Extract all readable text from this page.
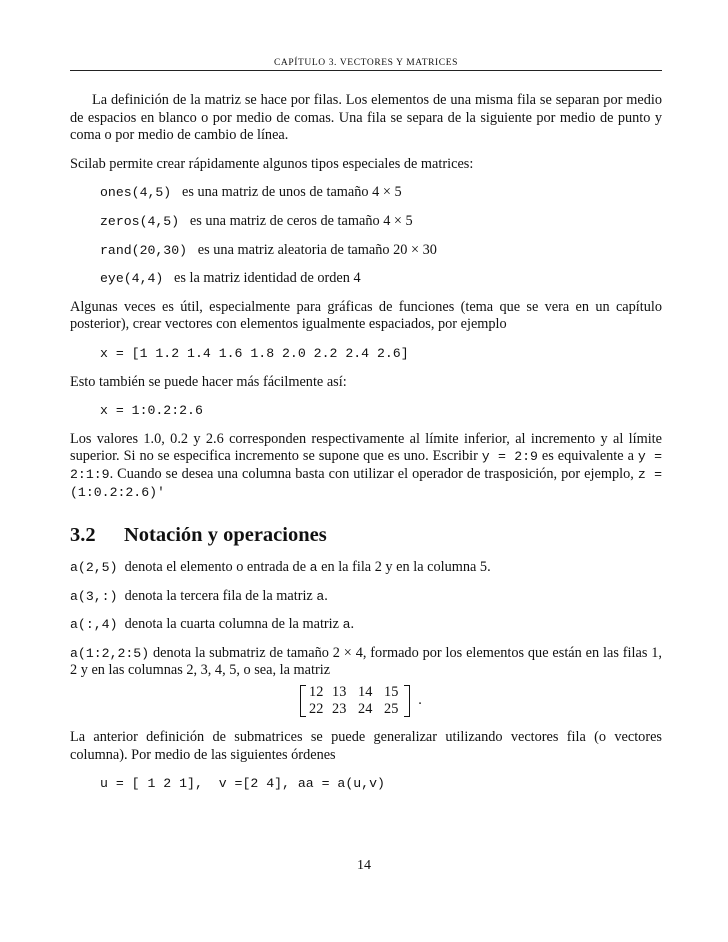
CAPÍTULO 3. VECTORES Y MATRICES

La definición de la matriz se hace por filas. Los elementos de una misma fila se separan por medio de espacios en blanco o por medio de comas. Una fila se separa de la siguiente por medio de punto y coma o por medio de cambio de línea.

Scilab permite crear rápidamente algunos tipos especiales de matrices:

ones(4,5) es una matriz de unos de tamaño 4 × 5

zeros(4,5) es una matriz de ceros de tamaño 4 × 5

rand(20,30) es una matriz aleatoria de tamaño 20 × 30

eye(4,4) es la matriz identidad de orden 4

Algunas veces es útil, especialmente para gráficas de funciones (tema que se vera en un capítulo posterior), crear vectores con elementos igualmente espaciados, por ejemplo

x = [1 1.2 1.4 1.6 1.8 2.0 2.2 2.4 2.6]

Esto también se puede hacer más fácilmente así:

x = 1:0.2:2.6

Los valores 1.0, 0.2 y 2.6 corresponden respectivamente al límite inferior, al incremento y al límite superior. Si no se especifica incremento se supone que es uno. Escribir y = 2:9 es equivalente a y = 2:1:9. Cuando se desea una columna basta con utilizar el operador de trasposición, por ejemplo, z = (1:0.2:2.6)'

3.2 Notación y operaciones

a(2,5) denota el elemento o entrada de a en la fila 2 y en la columna 5.

a(3,:) denota la tercera fila de la matriz a.

a(:,4) denota la cuarta columna de la matriz a.

a(1:2,2:5) denota la submatriz de tamaño 2 × 4, formado por los elementos que están en las filas 1, 2 y en las columnas 2, 3, 4, 5, o sea, la matriz

12 13 14 15
22 23 24 25
.

La anterior definición de submatrices se puede generalizar utilizando vectores fila (o vectores columna). Por medio de las siguientes órdenes

u = [ 1 2 1],  v =[2 4], aa = a(u,v)

14
